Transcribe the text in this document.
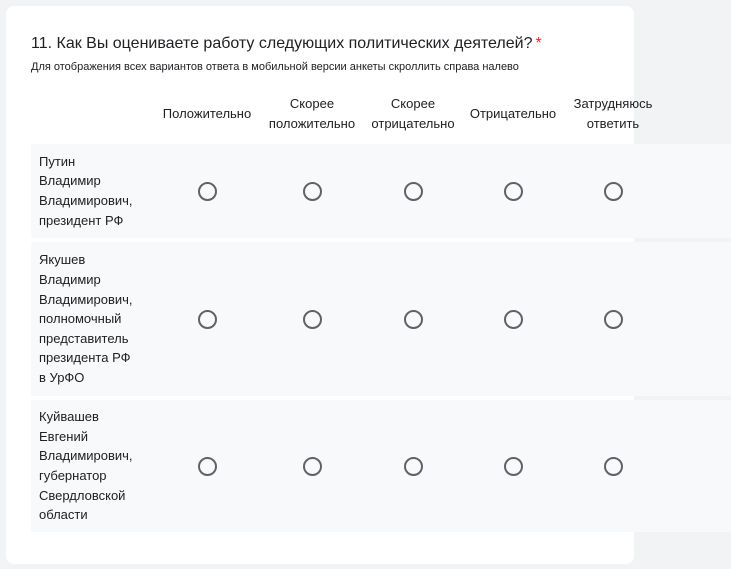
11. Как Вы оцениваете работу следующих политических деятелей? *
Для отображения всех вариантов ответа в мобильной версии анкеты скроллить справа налево
Положительно
Скорее
положительно
Скорее
отрицательно
Отрицательно
Затрудняюсь
ответить
Путин
Владимир
Владимирович,
президент РФ
Якушев
Владимир
Владимирович,
полномочный
представитель
президента РФ
в УрФО
Куйвашев
Евгений
Владимирович,
губернатор
Свердловской
области
